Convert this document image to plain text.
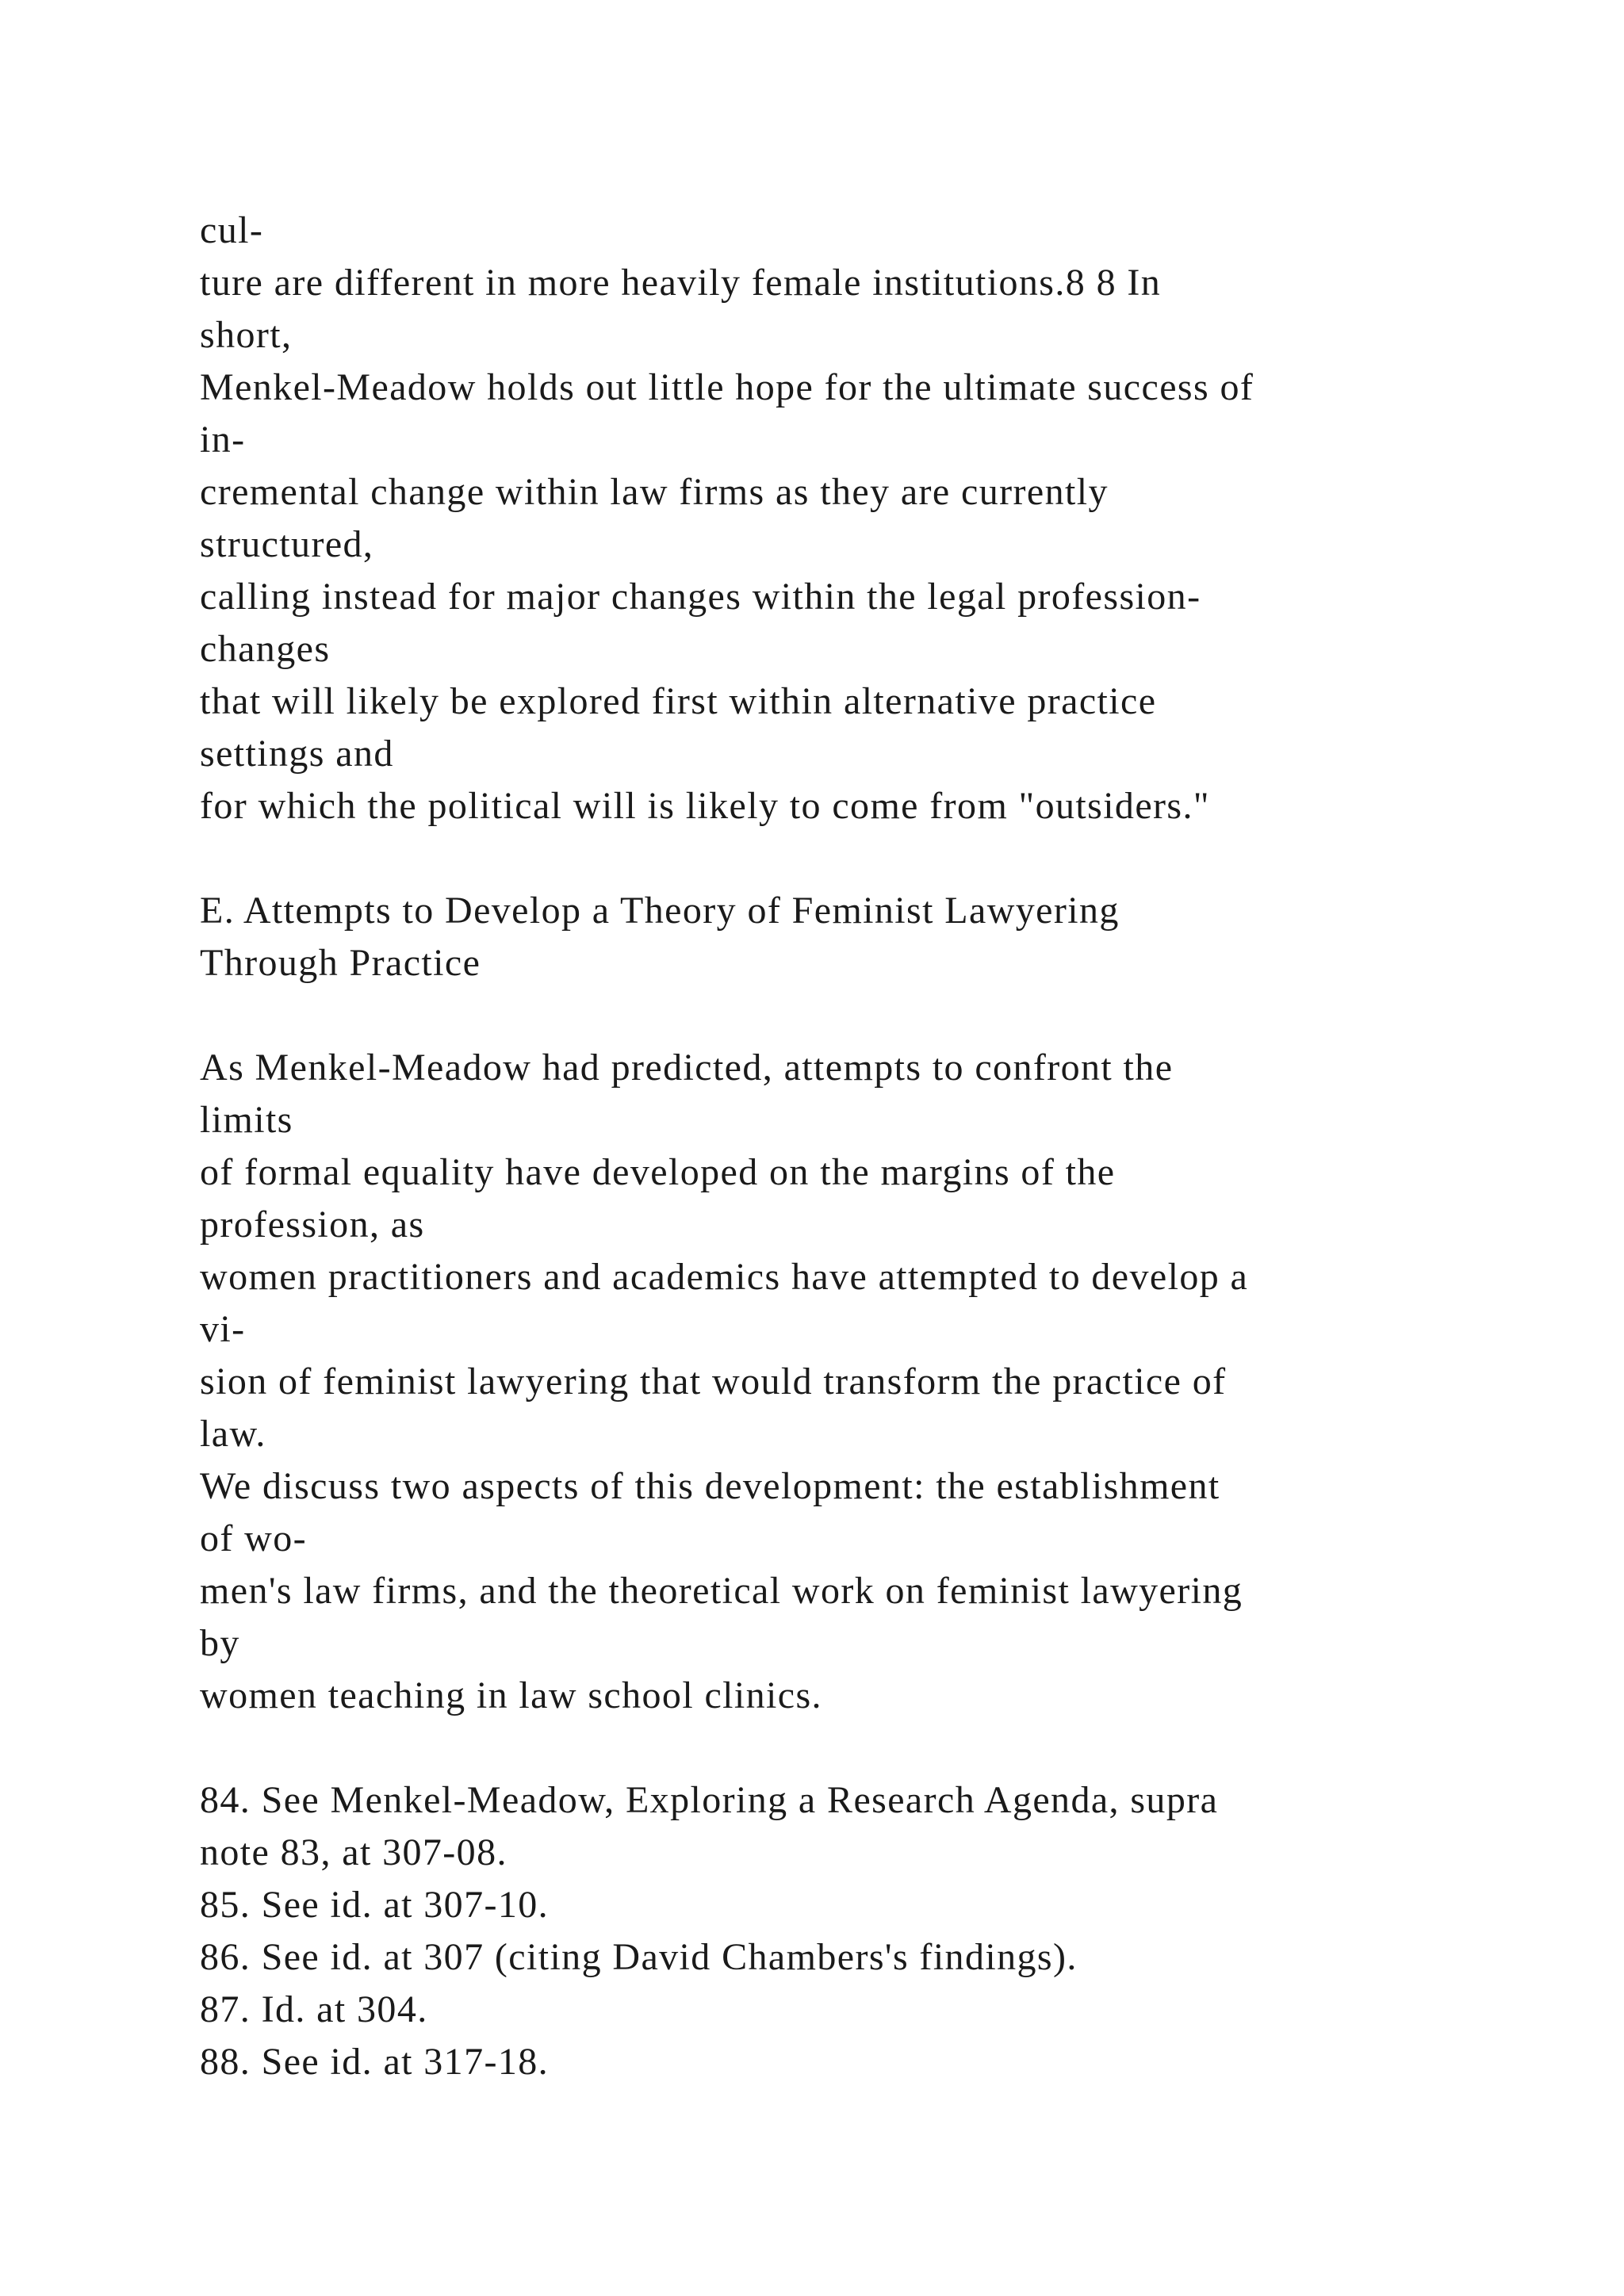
cul-
ture are different in more heavily female institutions.8 8 In
short,
Menkel-Meadow holds out little hope for the ultimate success of
in-
cremental change within law firms as they are currently
structured,
calling instead for major changes within the legal profession-
changes
that will likely be explored first within alternative practice
settings and
for which the political will is likely to come from "outsiders."
E. Attempts to Develop a Theory of Feminist Lawyering
Through Practice
As Menkel-Meadow had predicted, attempts to confront the
limits
of formal equality have developed on the margins of the
profession, as
women practitioners and academics have attempted to develop a
vi-
sion of feminist lawyering that would transform the practice of
law.
We discuss two aspects of this development: the establishment
of wo-
men's law firms, and the theoretical work on feminist lawyering
by
women teaching in law school clinics.
84. See Menkel-Meadow, Exploring a Research Agenda, supra
note 83, at 307-08.
85. See id. at 307-10.
86. See id. at 307 (citing David Chambers's findings).
87. Id. at 304.
88. See id. at 317-18.
